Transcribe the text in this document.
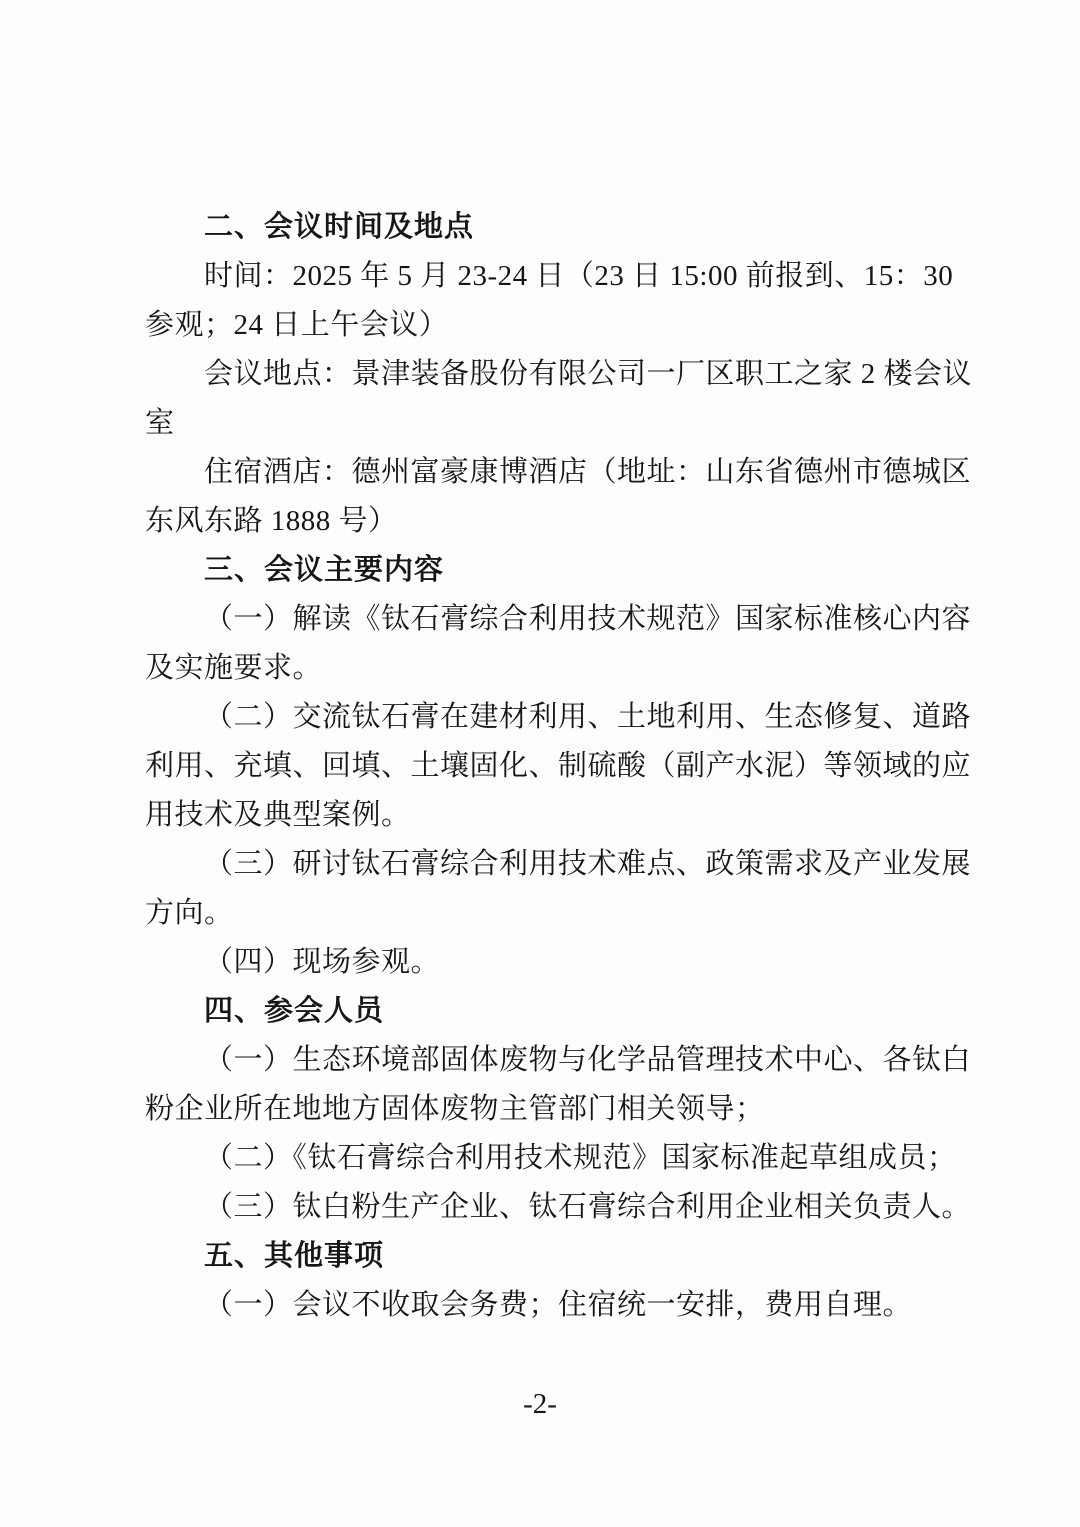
二、会议时间及地点
时间：2025 年 5 月 23-24 日（23 日 15:00 前报到、15：30
参观；24 日上午会议）
会议地点：景津装备股份有限公司一厂区职工之家 2 楼会议
室
住宿酒店：德州富豪康博酒店（地址：山东省德州市德城区
东风东路 1888 号）
三、会议主要内容
（一）解读《钛石膏综合利用技术规范》国家标准核心内容
及实施要求。
（二）交流钛石膏在建材利用、土地利用、生态修复、道路
利用、充填、回填、土壤固化、制硫酸（副产水泥）等领域的应
用技术及典型案例。
（三）研讨钛石膏综合利用技术难点、政策需求及产业发展
方向。
（四）现场参观。
四、参会人员
（一）生态环境部固体废物与化学品管理技术中心、各钛白
粉企业所在地地方固体废物主管部门相关领导；
（二）《钛石膏综合利用技术规范》国家标准起草组成员；
（三）钛白粉生产企业、钛石膏综合利用企业相关负责人。
五、其他事项
（一）会议不收取会务费；住宿统一安排，费用自理。
-2-
